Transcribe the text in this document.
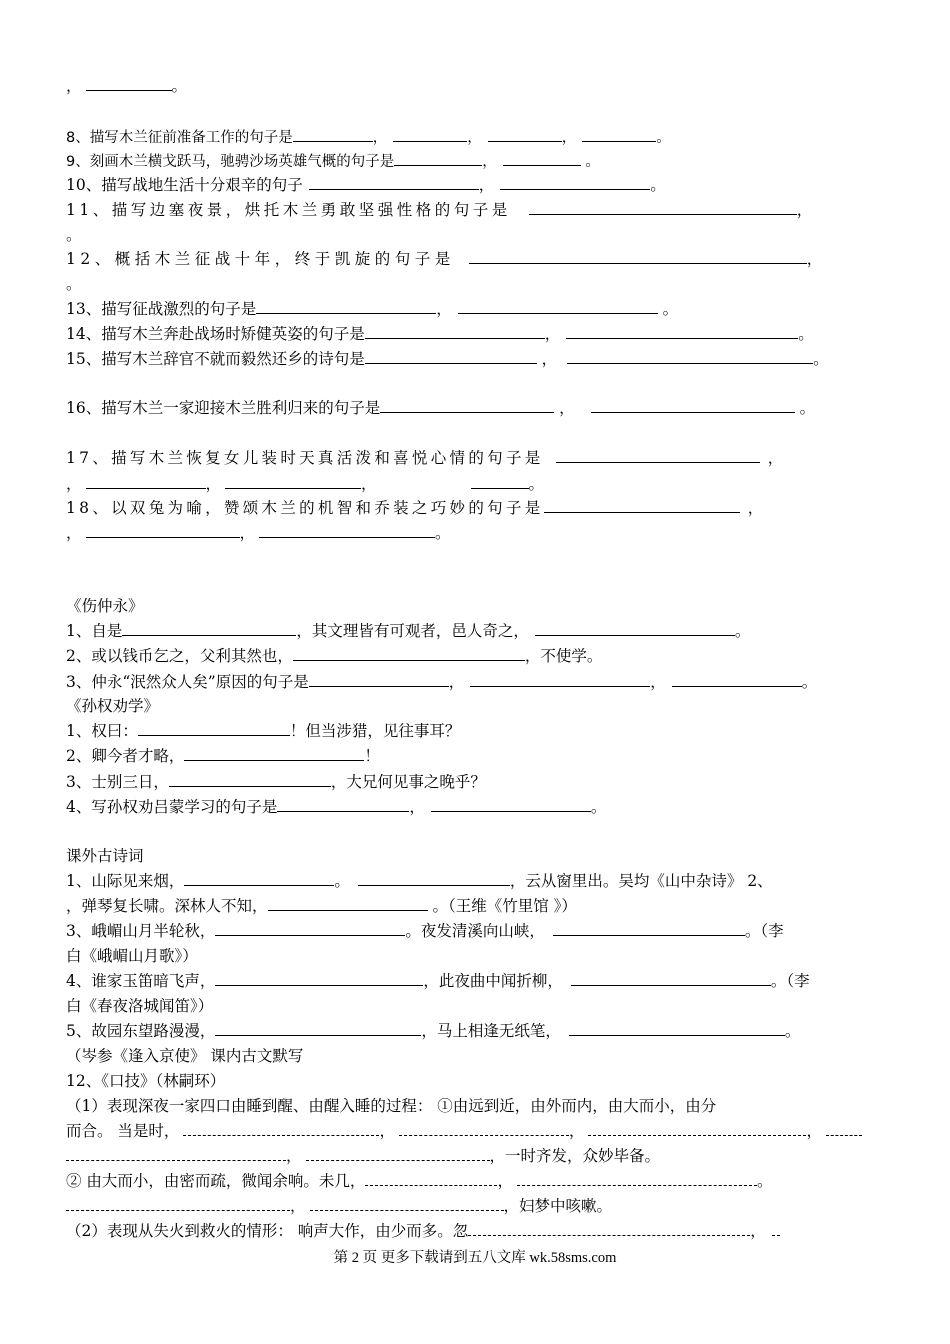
，	。
8、描写木兰征前准备工作的句子是	，	，	，	。
9、刻画木兰横戈跃马，驰骋沙场英雄气概的句子是	，	。
10、描写战地生活十分艰辛的句子	，	。
11、描写边塞夜景，烘托木兰勇敢坚强性格的句子是	，
。
12、概括木兰征战十年，终于凯旋的句子是	，
。
13、描写征战激烈的句子是	，	。
14、描写木兰奔赴战场时矫健英姿的句子是	，	。
15、描写木兰辞官不就而毅然还乡的诗句是	，	。
16、描写木兰一家迎接木兰胜利归来的句子是	，	。
17、描写木兰恢复女儿装时天真活泼和喜悦心情的句子是	，
，	，	，	。
18、以双兔为喻，赞颂木兰的机智和乔装之巧妙的句子是	，
，	，	。
《伤仲永》
1、自是	，其文理皆有可观者，邑人奇之，	。
2、或以钱币乞之，父利其然也，	，不使学。
3、仲永“泯然众人矣”原因的句子是	，	，	。
《孙权劝学》
1、权曰：	！但当涉猎，见往事耳？
2、卿今者才略，	！
3、士别三日，	，大兄何见事之晚乎？
4、写孙权劝吕蒙学习的句子是	，	。
课外古诗词
1、山际见来烟，	。	，云从窗里出。吴均《山中杂诗》 2、
，弹琴复长啸。深林人不知，	。（王维《竹里馆 》）
3、峨嵋山月半轮秋，	。夜发清溪向山峡，	。（李
白《峨嵋山月歌》）
4、谁家玉笛暗飞声，	，此夜曲中闻折柳，	。（李
白《春夜洛城闻笛》）
5、故园东望路漫漫，	，马上相逢无纸笔，	。
（岑参《逢入京使》 课内古文默写
12、《口技》（林嗣环）
（1）表现深夜一家四口由睡到醒、由醒入睡的过程： ①由远到近，由外而内，由大而小，由分
而合。 当是时，	，	，	，
，	，一时齐发，众妙毕备。
② 由大而小，由密而疏，微闻余响。未几，	，	。
，	，妇梦中咳嗽。
（2）表现从失火到救火的情形： 响声大作，由少而多。忽	，
第 2 页 更多下载请到五八文库 wk.58sms.com
